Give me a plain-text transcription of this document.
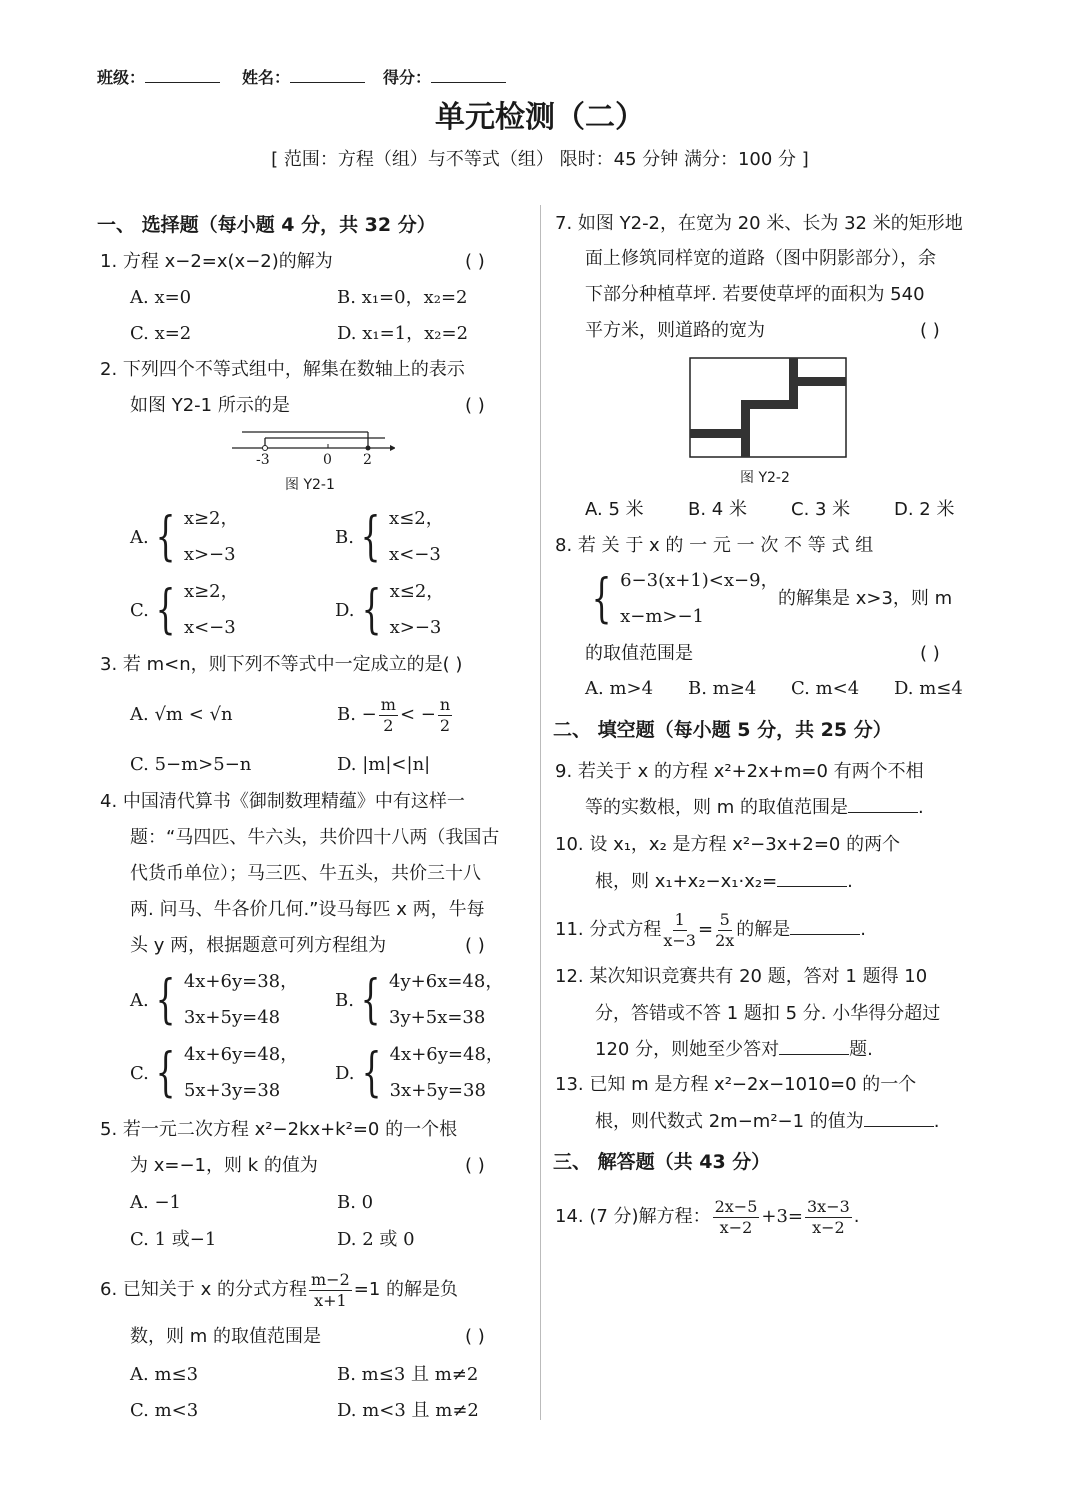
班级：	姓名：	得分：
单元检测（二）
[ 范围：方程（组）与不等式（组） 限时：45 分钟 满分：100 分 ]
一、 选择题（每小题 4 分，共 32 分）
1. 方程 x−2=x(x−2)的解为	( )
A. x=0	B. x₁=0，x₂=2
C. x=2	D. x₁=1，x₂=2
2. 下列四个不等式组中，解集在数轴上的表示
如图 Y2-1 所示的是	( )
-3	0 2
图 Y2-1
A. { x≥2，
x>−3
B. { x≤2，
x<−3
C. { x≥2，
x<−3
D. { x≤2，
x>−3
3. 若 m<n，则下列不等式中一定成立的是( )
A. √m < √n	B. − $\frac{m}{2}$ < − $\frac{n}{2}$
C. 5−m>5−n	D. |m|<|n|
4. 中国清代算书《御制数理精蕴》中有这样一
题：“马四匹、牛六头，共价四十八两（我国古
代货币单位）；马三匹、牛五头，共价三十八
两. 问马、牛各价几何.”设马每匹 x 两，牛每
头 y 两，根据题意可列方程组为	( )
A. { 4x+6y=38，
3x+5y=48
B. { 4y+6x=48，
3y+5x=38
C. { 4x+6y=48，
5x+3y=38
D. { 4x+6y=48，
3x+5y=38
5. 若一元二次方程 x²−2kx+k²=0 的一个根
为 x=−1，则 k 的值为	( )
A. −1	B. 0
C. 1 或−1	D. 2 或 0
6. 已知关于 x 的分式方程 $\frac{m-2}{x+1} =1$ 的解是负
数，则 m 的取值范围是	( )
A. m≤3	B. m≤3 且 m≠2
C. m<3	D. m<3 且 m≠2
7. 如图 Y2-2，在宽为 20 米、长为 32 米的矩形地
面上修筑同样宽的道路（图中阴影部分），余
下部分种植草坪. 若要使草坪的面积为 540
平方米，则道路的宽为	( )
图 Y2-2
A. 5 米 B. 4 米 C. 3 米 D. 2 米
8. 若 关 于 x 的 一 元 一 次 不 等 式 组
{ 6−3(x+1)<x−9，
x−m>−1
的解集是 x>3，则 m
的取值范围是	( )
A. m>4 B. m≥4 C. m<4 D. m≤4
二、 填空题（每小题 5 分，共 25 分）
9. 若关于 x 的方程 x²+2x+m=0 有两个不相
等的实数根，则 m 的取值范围是	.
10. 设 x₁，x₂ 是方程 x²−3x+2=0 的两个
根，则 x₁+x₂−x₁·x₂=	.
11. 分式方程 $\frac{1}{x-3} = \frac{5}{2x}$ 的解是	.
12. 某次知识竞赛共有 20 题，答对 1 题得 10
分，答错或不答 1 题扣 5 分. 小华得分超过
120 分，则她至少答对	题.
13. 已知 m 是方程 x²−2x−1010=0 的一个
根，则代数式 2m−m²−1 的值为	.
三、 解答题（共 43 分）
14. (7 分)解方程： $\frac{2x-5}{x-2} +3= \frac{3x-3}{x-2}$ .
